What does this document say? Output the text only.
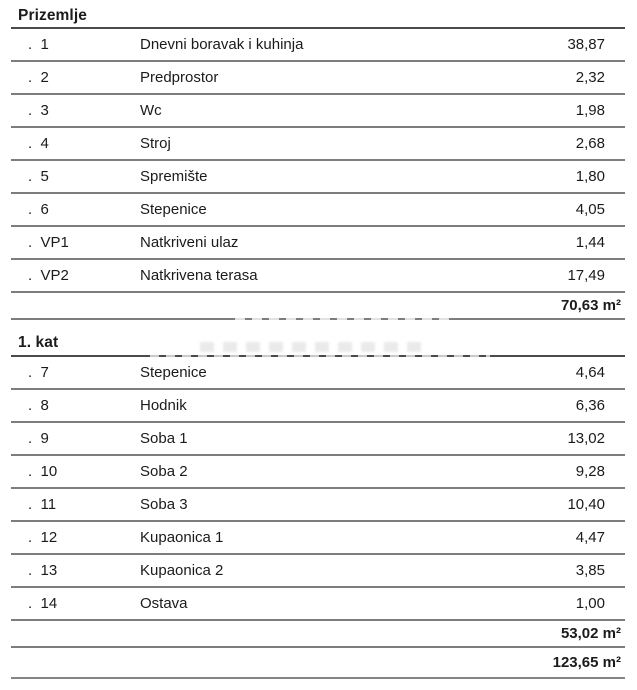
Prizemlje
.  1	Dnevni boravak i kuhinja	38,87
.  2	Predprostor	2,32
.  3	Wc	1,98
.  4	Stroj	2,68
.  5	Spremište	1,80
.  6	Stepenice	4,05
.  VP1	Natkriveni ulaz	1,44
.  VP2	Natkrivena terasa	17,49
70,63 m²
1. kat
.  7	Stepenice	4,64
.  8	Hodnik	6,36
.  9	Soba 1	13,02
.  10	Soba 2	9,28
.  11	Soba 3	10,40
.  12	Kupaonica 1	4,47
.  13	Kupaonica 2	3,85
.  14	Ostava	1,00
53,02 m²
123,65 m²
